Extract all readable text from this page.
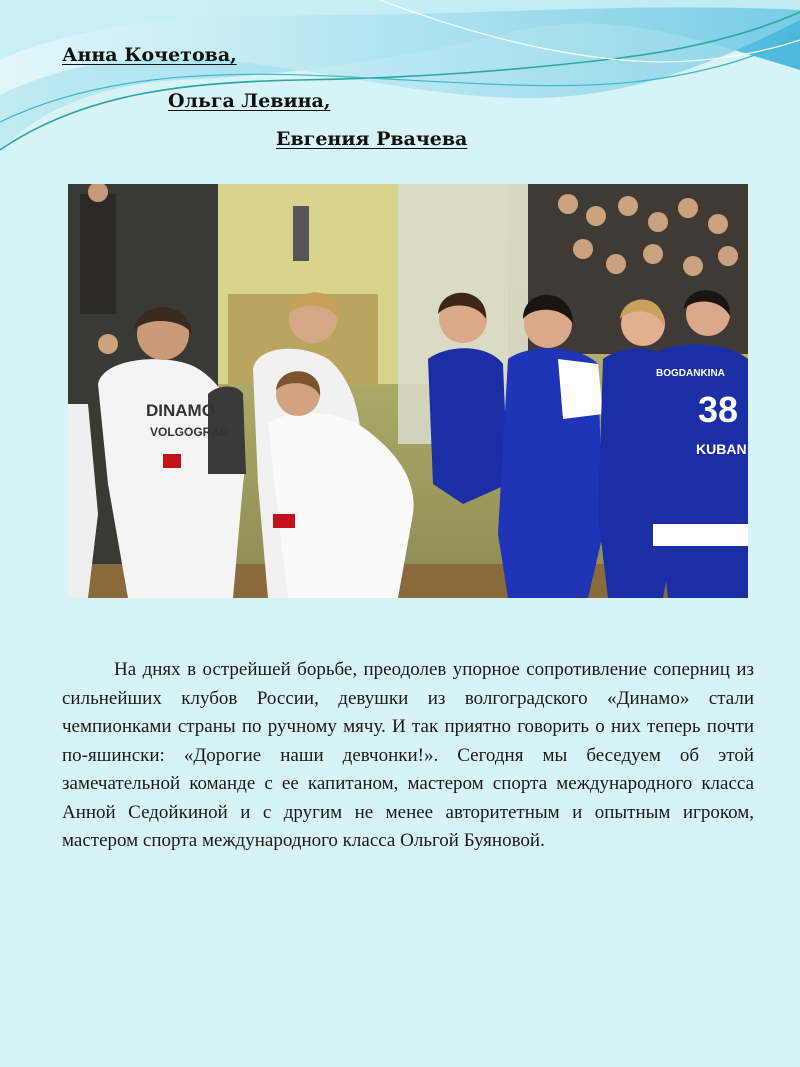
Анна Кочетова,
Ольга Левина,
Евгения Рвачева
DINAMO
VOLGOGRAD
BOGDANKINA
38
KUBAN

На днях в острейшей борьбе, преодолев упорное сопротивление соперниц из сильнейших клубов России, девушки из волгоградского «Динамо» стали чемпионками страны по ручному мячу. И так приятно говорить о них теперь почти по-яшински: «Дорогие наши девчонки!». Сегодня мы беседуем об этой замечательной команде с ее капитаном, мастером спорта международного класса Анной Седойкиной и с другим не менее авторитетным и опытным игроком, мастером спорта международного класса Ольгой Буяновой.
